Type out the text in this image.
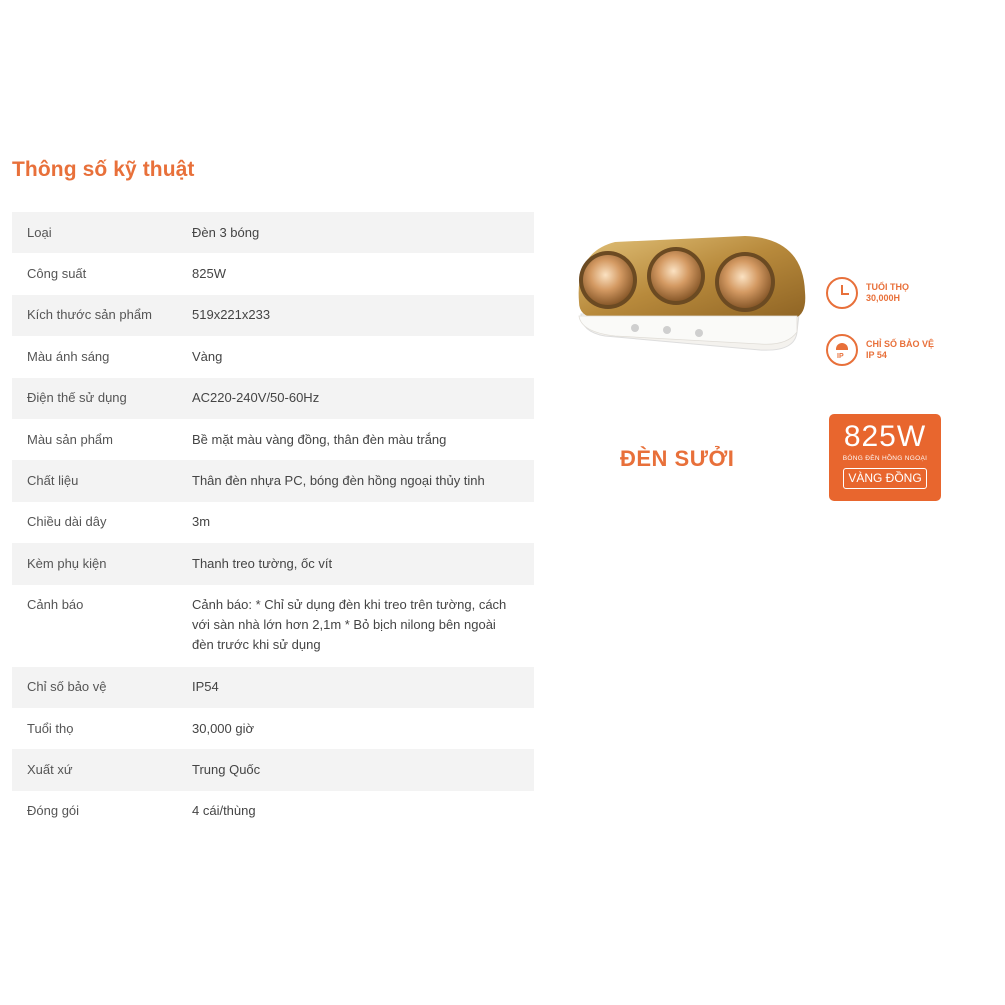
Thông số kỹ thuật
Loại	Đèn 3 bóng
Công suất	825W
Kích thước sản phẩm	519x221x233
Màu ánh sáng	Vàng
Điện thế sử dụng	AC220-240V/50-60Hz
Màu sản phẩm	Bề mặt màu vàng đồng, thân đèn màu trắng
Chất liệu	Thân đèn nhựa PC, bóng đèn hồng ngoại thủy tinh
Chiều dài dây	3m
Kèm phụ kiện	Thanh treo tường, ốc vít
Cảnh báo	Cảnh báo: * Chỉ sử dụng đèn khi treo trên tường, cách với sàn nhà lớn hơn 2,1m * Bỏ bịch nilong bên ngoài đèn trước khi sử dụng
Chỉ số bảo vệ	IP54
Tuổi thọ	30,000 giờ
Xuất xứ	Trung Quốc
Đóng gói	4 cái/thùng
TUỔI THỌ
30,000H
IP
CHỈ SỐ BẢO VỆ
IP 54
ĐÈN SƯỞI
825W
BÓNG ĐÈN HỒNG NGOẠI
VÀNG ĐỒNG
